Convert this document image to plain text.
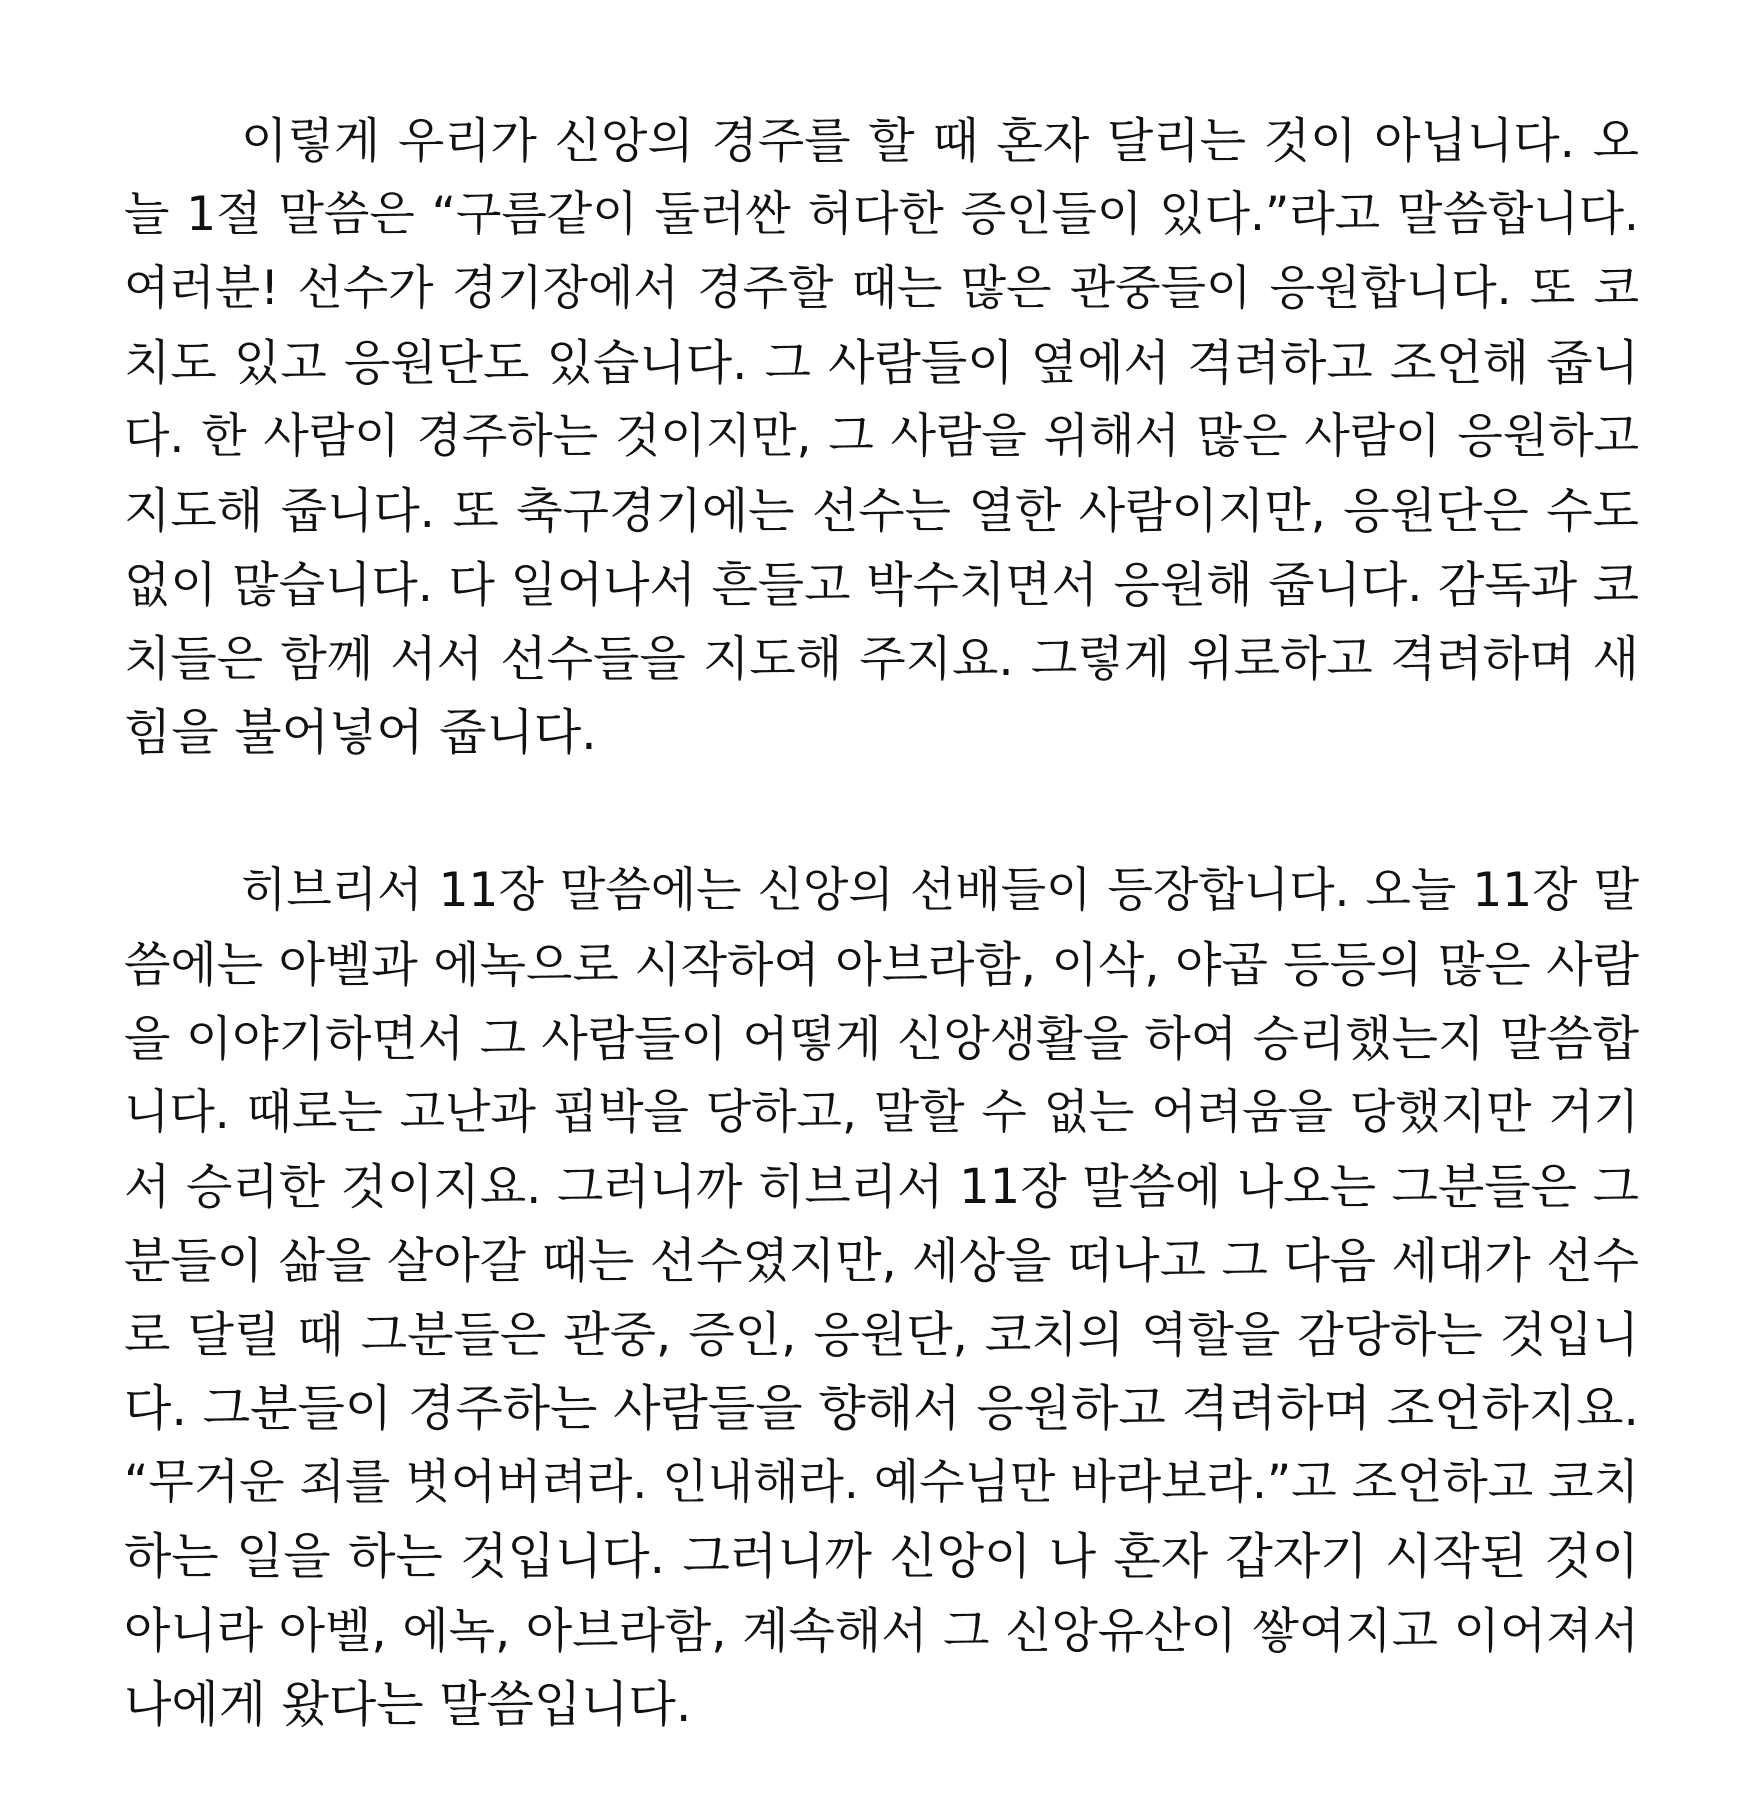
이렇게 우리가 신앙의 경주를 할 때 혼자 달리는 것이 아닙니다. 오
늘 1절 말씀은 “구름같이 둘러싼 허다한 증인들이 있다.”라고 말씀합니다.
여러분! 선수가 경기장에서 경주할 때는 많은 관중들이 응원합니다. 또 코
치도 있고 응원단도 있습니다. 그 사람들이 옆에서 격려하고 조언해 줍니
다. 한 사람이 경주하는 것이지만, 그 사람을 위해서 많은 사람이 응원하고
지도해 줍니다. 또 축구경기에는 선수는 열한 사람이지만, 응원단은 수도
없이 많습니다. 다 일어나서 흔들고 박수치면서 응원해 줍니다. 감독과 코
치들은 함께 서서 선수들을 지도해 주지요. 그렇게 위로하고 격려하며 새
힘을 불어넣어 줍니다.
히브리서 11장 말씀에는 신앙의 선배들이 등장합니다. 오늘 11장 말
씀에는 아벨과 에녹으로 시작하여 아브라함, 이삭, 야곱 등등의 많은 사람
을 이야기하면서 그 사람들이 어떻게 신앙생활을 하여 승리했는지 말씀합
니다. 때로는 고난과 핍박을 당하고, 말할 수 없는 어려움을 당했지만 거기
서 승리한 것이지요. 그러니까 히브리서 11장 말씀에 나오는 그분들은 그
분들이 삶을 살아갈 때는 선수였지만, 세상을 떠나고 그 다음 세대가 선수
로 달릴 때 그분들은 관중, 증인, 응원단, 코치의 역할을 감당하는 것입니
다. 그분들이 경주하는 사람들을 향해서 응원하고 격려하며 조언하지요.
“무거운 죄를 벗어버려라. 인내해라. 예수님만 바라보라.”고 조언하고 코치
하는 일을 하는 것입니다. 그러니까 신앙이 나 혼자 갑자기 시작된 것이
아니라 아벨, 에녹, 아브라함, 계속해서 그 신앙유산이 쌓여지고 이어져서
나에게 왔다는 말씀입니다.
